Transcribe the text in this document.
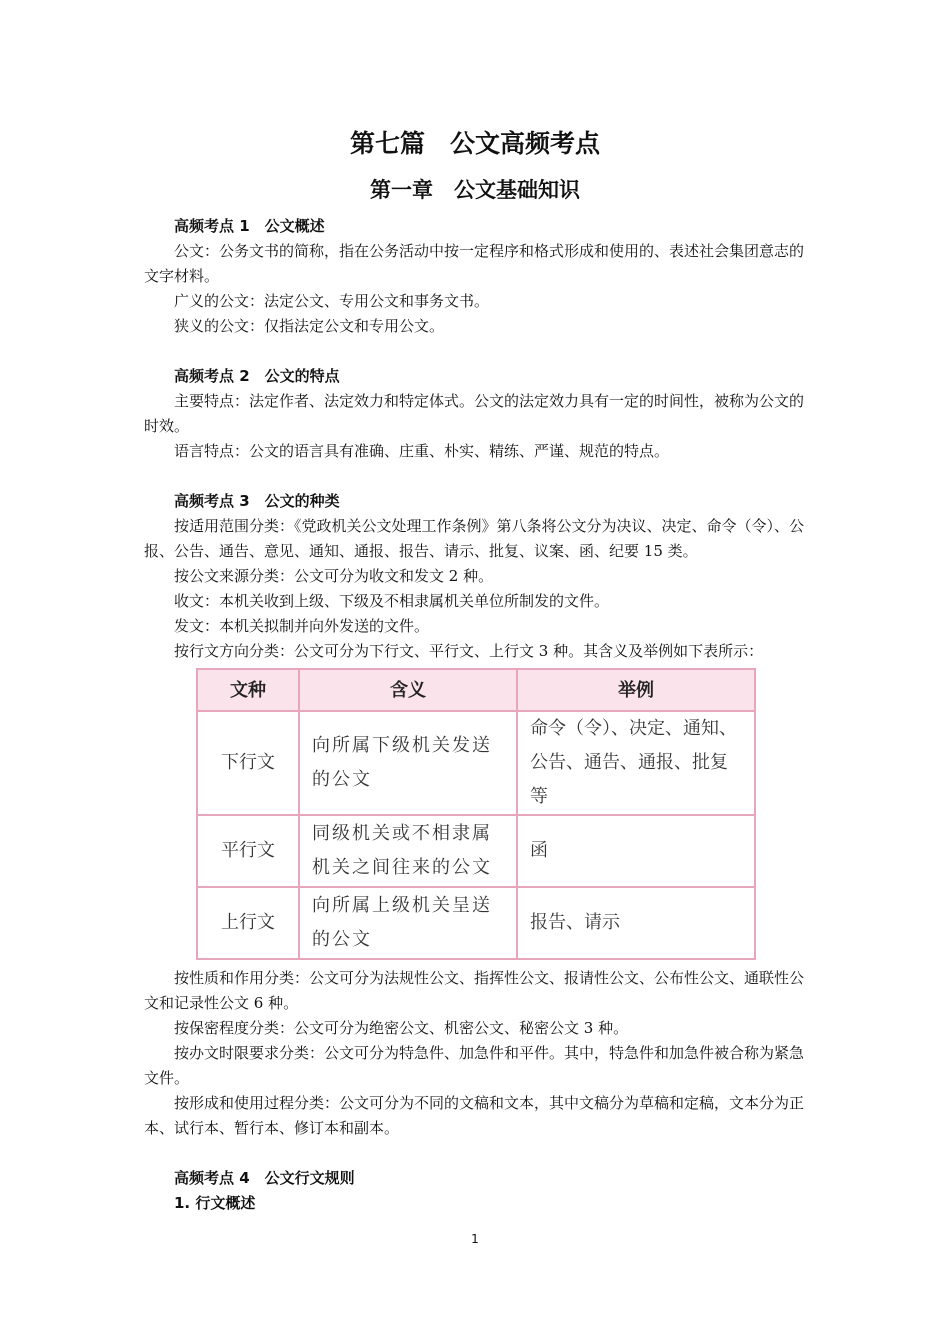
第七篇　公文高频考点
第一章　公文基础知识

高频考点 1　公文概述

公文：公务文书的简称，指在公务活动中按一定程序和格式形成和使用的、表述社会集团意志的文字材料。

广义的公文：法定公文、专用公文和事务文书。

狭义的公文：仅指法定公文和专用公文。

高频考点 2　公文的特点

主要特点：法定作者、法定效力和特定体式。公文的法定效力具有一定的时间性，被称为公文的时效。

语言特点：公文的语言具有准确、庄重、朴实、精练、严谨、规范的特点。

高频考点 3　公文的种类

按适用范围分类：《党政机关公文处理工作条例》第八条将公文分为决议、决定、命令（令）、公报、公告、通告、意见、通知、通报、报告、请示、批复、议案、函、纪要 15 类。

按公文来源分类：公文可分为收文和发文 2 种。

收文：本机关收到上级、下级及不相隶属机关单位所制发的文件。

发文：本机关拟制并向外发送的文件。

按行文方向分类：公文可分为下行文、平行文、上行文 3 种。其含义及举例如下表所示：

文种	含义	举例
下行文	向所属下级机关发送的公文	命令（令）、决定、通知、公告、通告、通报、批复等
平行文	同级机关或不相隶属机关之间往来的公文	函
上行文	向所属上级机关呈送的公文	报告、请示

按性质和作用分类：公文可分为法规性公文、指挥性公文、报请性公文、公布性公文、通联性公文和记录性公文 6 种。

按保密程度分类：公文可分为绝密公文、机密公文、秘密公文 3 种。

按办文时限要求分类：公文可分为特急件、加急件和平件。其中，特急件和加急件被合称为紧急文件。

按形成和使用过程分类：公文可分为不同的文稿和文本，其中文稿分为草稿和定稿，文本分为正本、试行本、暂行本、修订本和副本。

高频考点 4　公文行文规则

1. 行文概述

1
